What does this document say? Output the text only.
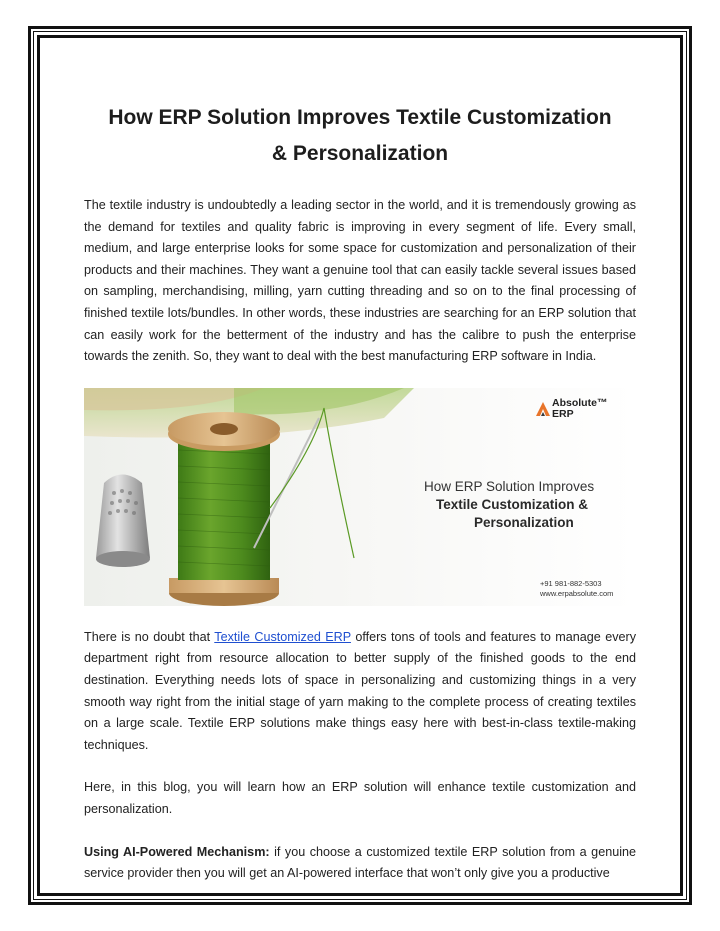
How ERP Solution Improves Textile Customization
& Personalization

The textile industry is undoubtedly a leading sector in the world, and it is tremendously growing as the demand for textiles and quality fabric is improving in every segment of life. Every small, medium, and large enterprise looks for some space for customization and personalization of their products and their machines. They want a genuine tool that can easily tackle several issues based on sampling, merchandising, milling, yarn cutting threading and so on to the final processing of finished textile lots/bundles. In other words, these industries are searching for an ERP solution that can easily work for the betterment of the industry and has the calibre to push the enterprise towards the zenith. So, they want to deal with the best manufacturing ERP software in India.

Absolute™
ERP
How ERP Solution Improves
Textile Customization &
Personalization
+91 981-882-5303
www.erpabsolute.com

There is no doubt that Textile Customized ERP offers tons of tools and features to manage every department right from resource allocation to better supply of the finished goods to the end destination. Everything needs lots of space in personalizing and customizing things in a very smooth way right from the initial stage of yarn making to the complete process of creating textiles on a large scale. Textile ERP solutions make things easy here with best-in-class textile-making techniques.

Here, in this blog, you will learn how an ERP solution will enhance textile customization and personalization.

Using AI-Powered Mechanism: if you choose a customized textile ERP solution from a genuine service provider then you will get an AI-powered interface that won’t only give you a productive
